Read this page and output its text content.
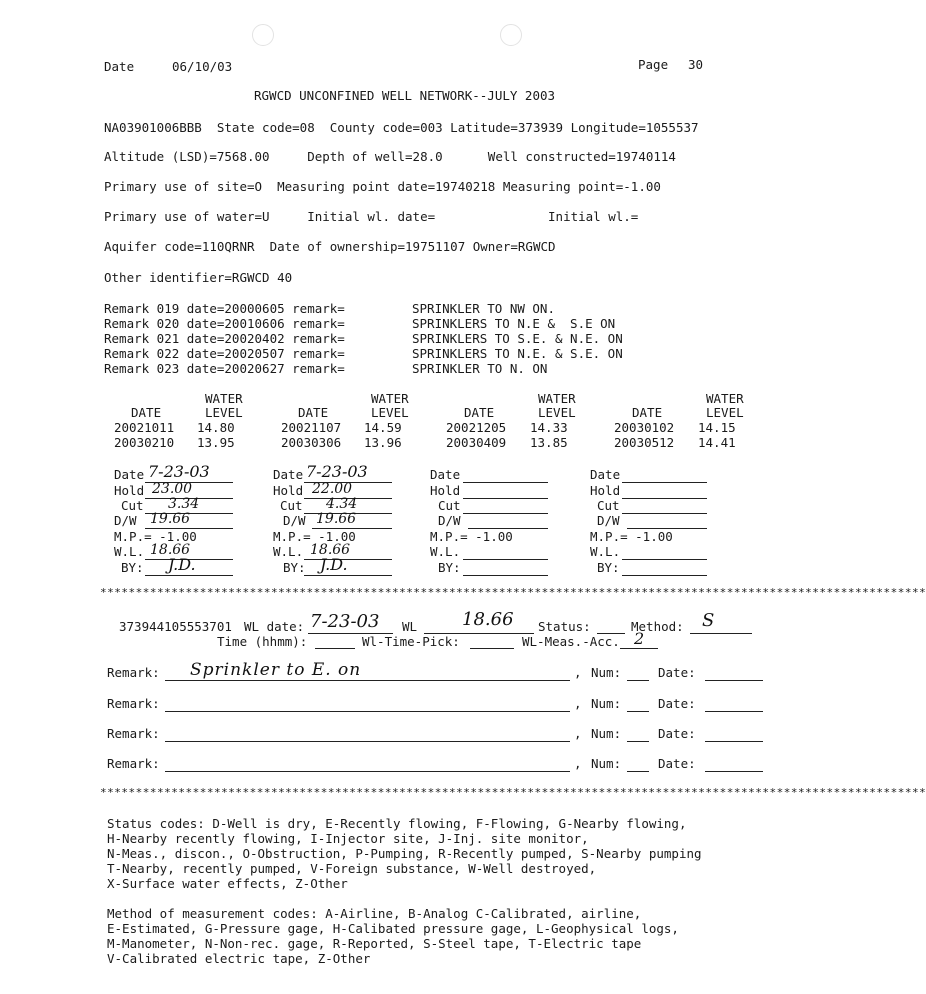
Date	06/10/03	Page 30
RGWCD UNCONFINED WELL NETWORK--JULY 2003
NA03901006BBB  State code=08  County code=003 Latitude=373939 Longitude=1055537
Altitude (LSD)=7568.00     Depth of well=28.0      Well constructed=19740114
Primary use of site=O  Measuring point date=19740218 Measuring point=-1.00
Primary use of water=U     Initial wl. date=               Initial wl.=
Aquifer code=110QRNR  Date of ownership=19751107 Owner=RGWCD
Other identifier=RGWCD 40
Remark 019 date=20000605 remark=	SPRINKLER TO NW ON.
Remark 020 date=20010606 remark=	SPRINKLERS TO N.E &  S.E ON
Remark 021 date=20020402 remark=	SPRINKLERS TO S.E. & N.E. ON
Remark 022 date=20020507 remark=	SPRINKLERS TO N.E. & S.E. ON
Remark 023 date=20020627 remark=	SPRINKLER TO N. ON
WATER	WATER	WATER	WATER
DATE	LEVEL	DATE	LEVEL	DATE	LEVEL	DATE	LEVEL
20021011 14.80	20021107 14.59	20021205 14.33	20030102 14.15
20030210 13.95	20030306 13.96	20030409 13.85	20030512 14.41
Date 7-23-03
Hold 23.00
Cut 3.34
D/W 19.66
M.P.= -1.00
W.L. 18.66
BY: J.D.
Date 7-23-03
Hold 22.00
Cut 4.34
D/W 19.66
M.P.= -1.00
W.L. 18.66
BY: J.D.
Date
Hold
Cut
D/W
M.P.= -1.00
W.L.
BY:
Date
Hold
Cut
D/W
M.P.= -1.00
W.L.
BY:
********************************************************************************************************************
373944105553701 WL date: 7-23-03 WL 18.66 Status:	Method: S
Time (hhmm):	Wl-Time-Pick:	WL-Meas.-Acc. 2
Remark: Sprinkler to E. on	, Num:	Date:
Remark:	, Num:	Date:
Remark:	, Num:	Date:
Remark:	, Num:	Date:
********************************************************************************************************************
Status codes: D-Well is dry, E-Recently flowing, F-Flowing, G-Nearby flowing,
H-Nearby recently flowing, I-Injector site, J-Inj. site monitor,
N-Meas., discon., O-Obstruction, P-Pumping, R-Recently pumped, S-Nearby pumping
T-Nearby, recently pumped, V-Foreign substance, W-Well destroyed,
X-Surface water effects, Z-Other
Method of measurement codes: A-Airline, B-Analog C-Calibrated, airline,
E-Estimated, G-Pressure gage, H-Calibated pressure gage, L-Geophysical logs,
M-Manometer, N-Non-rec. gage, R-Reported, S-Steel tape, T-Electric tape
V-Calibrated electric tape, Z-Other
